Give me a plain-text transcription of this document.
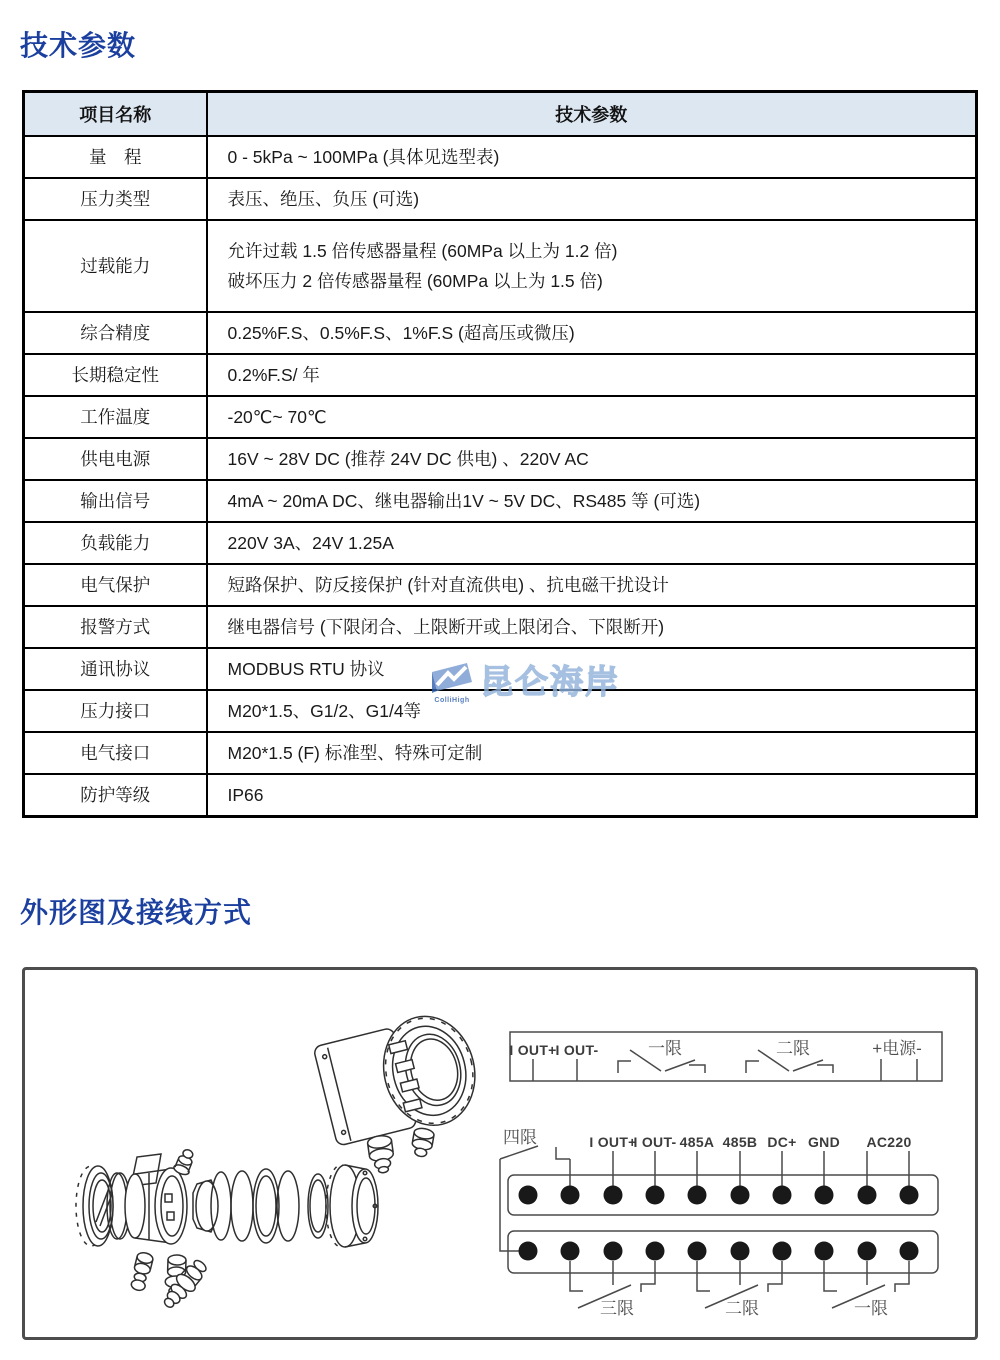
技术参数
项目名称	技术参数
量　程	0 - 5kPa ~ 100MPa (具体见选型表)

压力类型	表压、绝压、负压 (可选)

过载能力	允许过载 1.5 倍传感器量程 (60MPa 以上为 1.2 倍)
破坏压力 2 倍传感器量程 (60MPa 以上为 1.5 倍)

综合精度	0.25%F.S、0.5%F.S、1%F.S (超高压或微压)

长期稳定性	0.2%F.S/ 年

工作温度	-20℃~ 70℃

供电电源	16V ~ 28V DC (推荐 24V DC 供电) 、220V AC

输出信号	4mA ~ 20mA DC、继电器输出1V ~ 5V DC、RS485 等 (可选)

负载能力	220V 3A、24V 1.25A

电气保护	短路保护、防反接保护 (针对直流供电) 、抗电磁干扰设计

报警方式	继电器信号 (下限闭合、上限断开或上限闭合、下限断开)

通讯协议	MODBUS RTU 协议

压力接口	M20*1.5、G1/2、G1/4等

电气接口	M20*1.5 (F) 标准型、特殊可定制

防护等级	IP66
ColliHigh
昆仑海岸
外形图及接线方式
I OUT+
I OUT-	一限	二限	+电源-
四限	I OUT+
I OUT- 485A 485B DC+ GND AC220
三限	二限	一限
